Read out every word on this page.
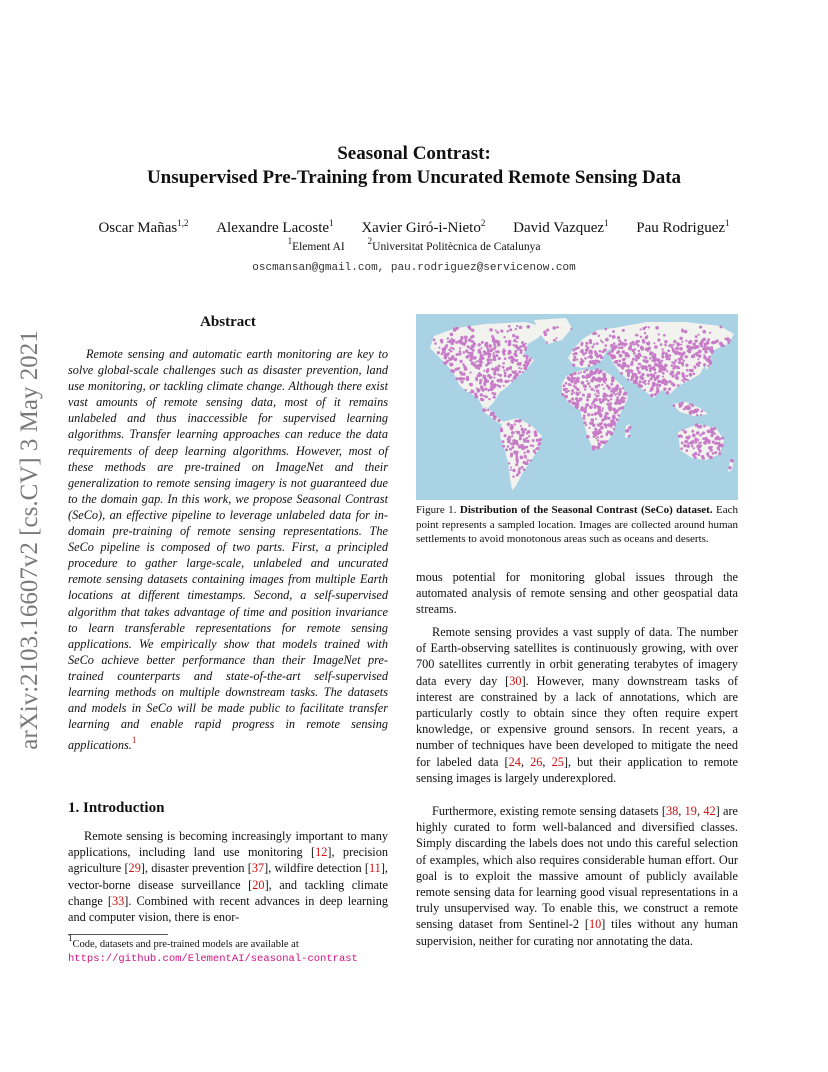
arXiv:2103.16607v2 [cs.CV] 3 May 2021
Seasonal Contrast:
Unsupervised Pre-Training from Uncurated Remote Sensing Data
Oscar Mañas$^{1,2}$ Alexandre Lacoste$^1$ Xavier Giró-i-Nieto$^2$ David Vazquez$^1$ Pau Rodriguez$^1$
$^1$Element AI	$^2$Universitat Politècnica de Catalunya
oscmansan@gmail.com, pau.rodriguez@servicenow.com
Abstract

Remote sensing and automatic earth monitoring are key to solve global-scale challenges such as disaster prevention, land use monitoring, or tackling climate change. Although there exist vast amounts of remote sensing data, most of it remains unlabeled and thus inaccessible for supervised learning algorithms. Transfer learning approaches can reduce the data requirements of deep learning algorithms. However, most of these methods are pre-trained on ImageNet and their generalization to remote sensing imagery is not guaranteed due to the domain gap. In this work, we propose Seasonal Contrast (SeCo), an effective pipeline to leverage unlabeled data for in-domain pre-training of remote sensing representations. The SeCo pipeline is composed of two parts. First, a principled procedure to gather large-scale, unlabeled and uncurated remote sensing datasets containing images from multiple Earth locations at different timestamps. Second, a self-supervised algorithm that takes advantage of time and position invariance to learn transferable representations for remote sensing applications. We empirically show that models trained with SeCo achieve better performance than their ImageNet pre-trained counterparts and state-of-the-art self-supervised learning methods on multiple downstream tasks. The datasets and models in SeCo will be made public to facilitate transfer learning and enable rapid progress in remote sensing applications.$^1$

1. Introduction

Remote sensing is becoming increasingly important to many applications, including land use monitoring [12], precision agriculture [29], disaster prevention [37], wildfire detection [11], vector-borne disease surveillance [20], and tackling climate change [33]. Combined with recent advances in deep learning and computer vision, there is enor-

$^1$Code, datasets and pre-trained models are available at https://github.com/ElementAI/seasonal-contrast

Figure 1. Distribution of the Seasonal Contrast (SeCo) dataset. Each point represents a sampled location. Images are collected around human settlements to avoid monotonous areas such as oceans and deserts.

mous potential for monitoring global issues through the automated analysis of remote sensing and other geospatial data streams.

Remote sensing provides a vast supply of data. The number of Earth-observing satellites is continuously growing, with over 700 satellites currently in orbit generating terabytes of imagery data every day [30]. However, many downstream tasks of interest are constrained by a lack of annotations, which are particularly costly to obtain since they often require expert knowledge, or expensive ground sensors. In recent years, a number of techniques have been developed to mitigate the need for labeled data [24, 26, 25], but their application to remote sensing images is largely underexplored.

Furthermore, existing remote sensing datasets [38, 19, 42] are highly curated to form well-balanced and diversified classes. Simply discarding the labels does not undo this careful selection of examples, which also requires considerable human effort. Our goal is to exploit the massive amount of publicly available remote sensing data for learning good visual representations in a truly unsupervised way. To enable this, we construct a remote sensing dataset from Sentinel-2 [10] tiles without any human supervision, neither for curating nor annotating the data.
